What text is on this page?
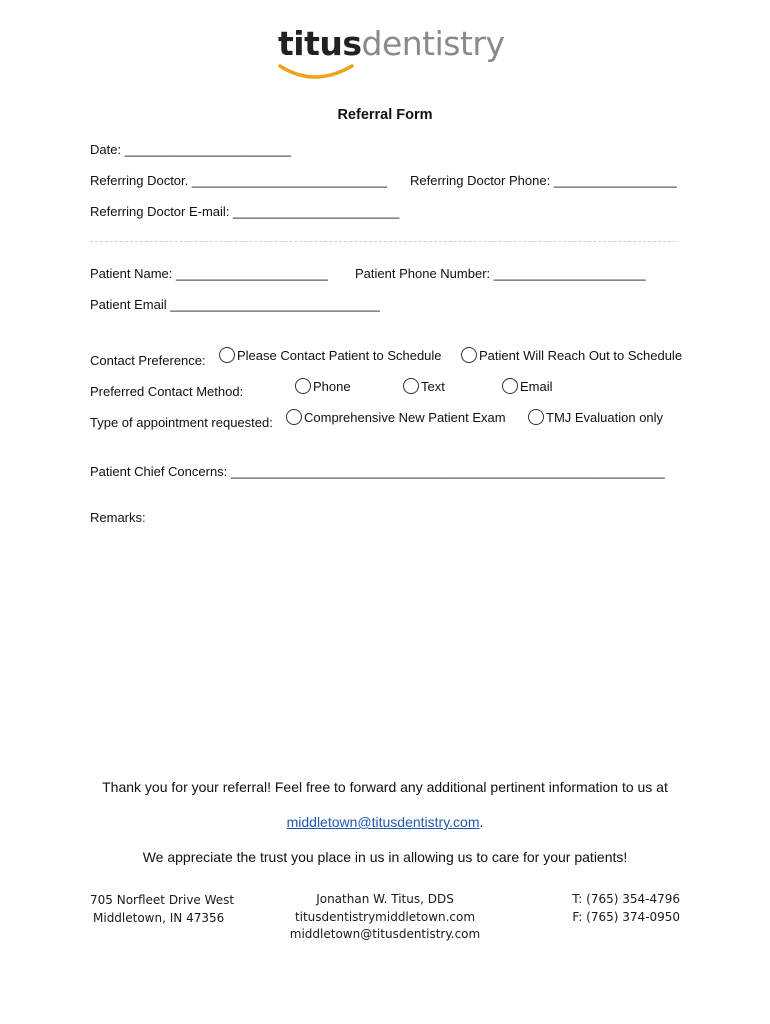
titusdentistry
Referral Form
Date: _______________________
Referring Doctor. ___________________________ Referring Doctor Phone: _________________
Referring Doctor E-mail: _______________________
Patient Name: _____________________ Patient Phone Number: _____________________
Patient Email _____________________________
Contact Preference: Please Contact Patient to Schedule	Patient Will Reach Out to Schedule
Preferred Contact Method:	Phone	Text	Email
Type of appointment requested: Comprehensive New Patient Exam	TMJ Evaluation only
Patient Chief Concerns: ____________________________________________________________
Remarks:
Thank you for your referral! Feel free to forward any additional pertinent information to us at
middletown@titusdentistry.com.
We appreciate the trust you place in us in allowing us to care for your patients!
705 Norfleet Drive West
Middletown, IN 47356
Jonathan W. Titus, DDS
titusdentistrymiddletown.com
middletown@titusdentistry.com
T: (765) 354-4796
F: (765) 374-0950
